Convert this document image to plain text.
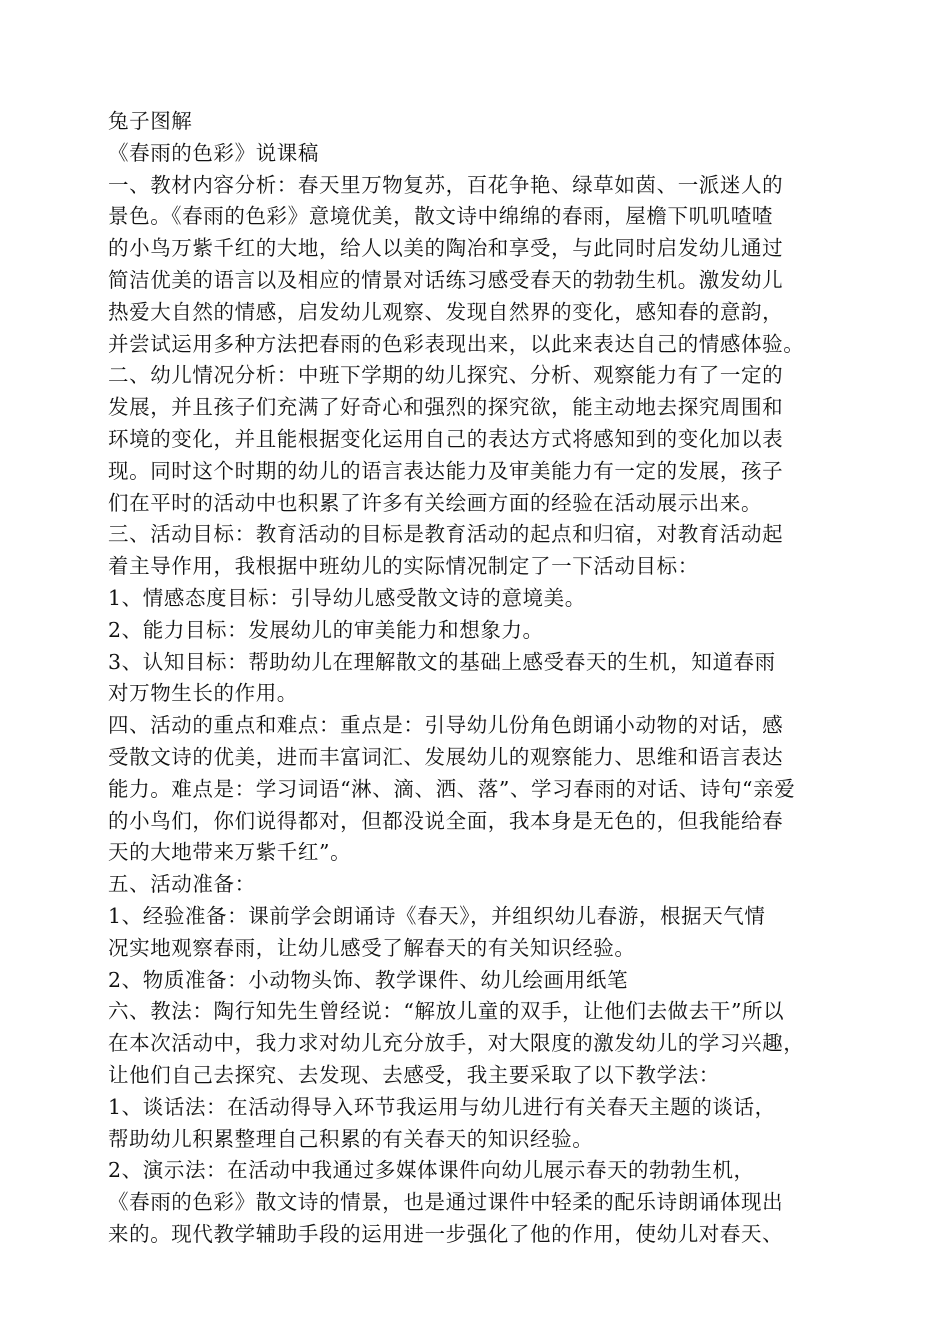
兔子图解
《春雨的色彩》说课稿
一、教材内容分析：春天里万物复苏，百花争艳、绿草如茵、一派迷人的
景色。《春雨的色彩》意境优美，散文诗中绵绵的春雨，屋檐下叽叽喳喳
的小鸟万紫千红的大地，给人以美的陶冶和享受，与此同时启发幼儿通过
简洁优美的语言以及相应的情景对话练习感受春天的勃勃生机。激发幼儿
热爱大自然的情感，启发幼儿观察、发现自然界的变化，感知春的意韵，
并尝试运用多种方法把春雨的色彩表现出来，以此来表达自己的情感体验。
二、幼儿情况分析：中班下学期的幼儿探究、分析、观察能力有了一定的
发展，并且孩子们充满了好奇心和强烈的探究欲，能主动地去探究周围和
环境的变化，并且能根据变化运用自己的表达方式将感知到的变化加以表
现。同时这个时期的幼儿的语言表达能力及审美能力有一定的发展，孩子
们在平时的活动中也积累了许多有关绘画方面的经验在活动展示出来。
三、活动目标：教育活动的目标是教育活动的起点和归宿，对教育活动起
着主导作用，我根据中班幼儿的实际情况制定了一下活动目标：
1、情感态度目标：引导幼儿感受散文诗的意境美。
2、能力目标：发展幼儿的审美能力和想象力。
3、认知目标：帮助幼儿在理解散文的基础上感受春天的生机，知道春雨
对万物生长的作用。
四、活动的重点和难点：重点是：引导幼儿份角色朗诵小动物的对话，感
受散文诗的优美，进而丰富词汇、发展幼儿的观察能力、思维和语言表达
能力。难点是：学习词语“淋、滴、洒、落”、学习春雨的对话、诗句“亲爱
的小鸟们，你们说得都对，但都没说全面，我本身是无色的，但我能给春
天的大地带来万紫千红”。
五、活动准备：
1、经验准备：课前学会朗诵诗《春天》，并组织幼儿春游，根据天气情
况实地观察春雨，让幼儿感受了解春天的有关知识经验。
2、物质准备：小动物头饰、教学课件、幼儿绘画用纸笔
六、教法：陶行知先生曾经说：“解放儿童的双手，让他们去做去干”所以
在本次活动中，我力求对幼儿充分放手，对大限度的激发幼儿的学习兴趣，
让他们自己去探究、去发现、去感受，我主要采取了以下教学法：
1、谈话法：在活动得导入环节我运用与幼儿进行有关春天主题的谈话，
帮助幼儿积累整理自己积累的有关春天的知识经验。
2、演示法：在活动中我通过多媒体课件向幼儿展示春天的勃勃生机，
《春雨的色彩》散文诗的情景，也是通过课件中轻柔的配乐诗朗诵体现出
来的。现代教学辅助手段的运用进一步强化了他的作用，使幼儿对春天、
